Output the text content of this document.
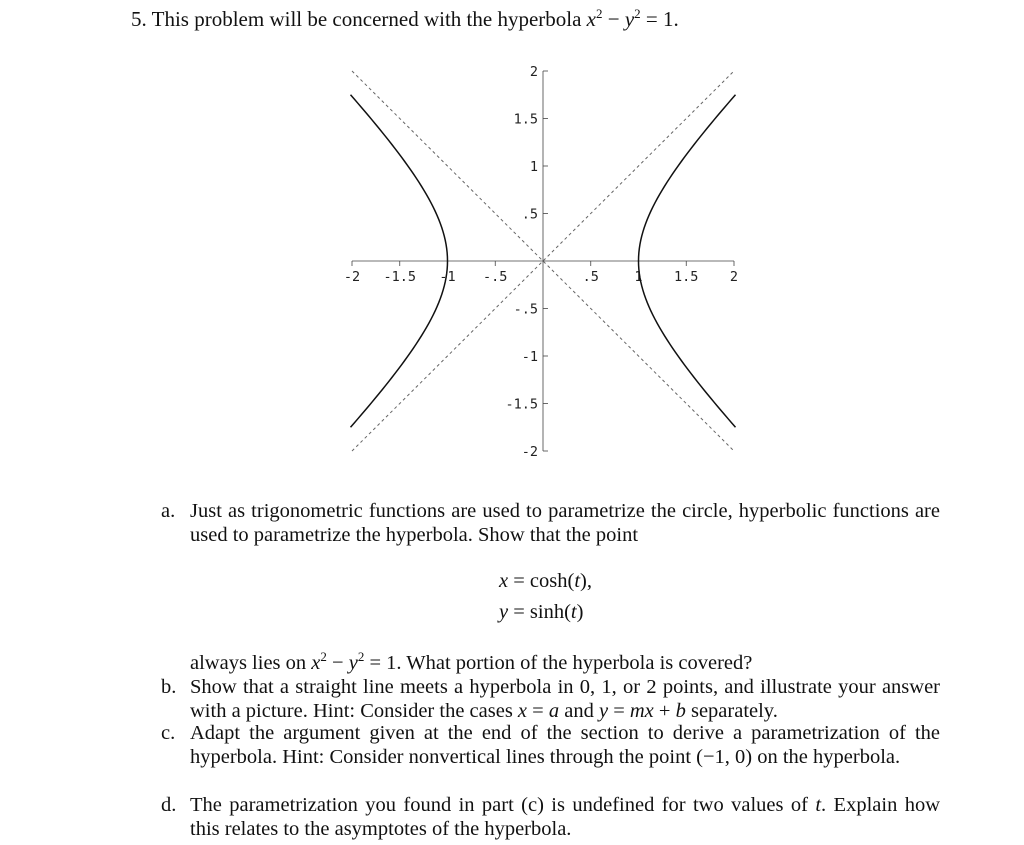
5. This problem will be concerned with the hyperbola $x^2 - y^2 = 1$.
-2 -1.5 -1 -.5	.5	1 1.5 2
2
1.5
1
.5
-.5
-1
-1.5
-2
a. Just as trigonometric functions are used to parametrize the circle, hyperbolic functions are used to parametrize the hyperbola. Show that the point
x = cosh(t),
y = sinh(t)
always lies on $x^2 - y^2 = 1$. What portion of the hyperbola is covered?
b. Show that a straight line meets a hyperbola in 0, 1, or 2 points, and illustrate your answer with a picture. Hint: Consider the cases x = a and y = mx + b separately.
c. Adapt the argument given at the end of the section to derive a parametrization of the hyperbola. Hint: Consider nonvertical lines through the point (−1, 0) on the hyperbola.
d. The parametrization you found in part (c) is undefined for two values of t. Explain how this relates to the asymptotes of the hyperbola.
